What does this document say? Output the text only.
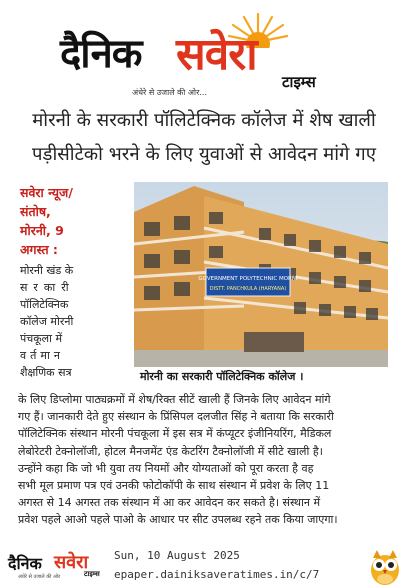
दैनिक सवेरा
टाइम्स
अंधेरे से उजाले की ओर...
मोरनी के सरकारी पॉलिटेक्निक कॉलेज में शेष खाली
पड़ीसीटेको भरने के लिए युवाओं से आवेदन मांगे गए
सवेरा न्यूज/
संतोष,
मोरनी, 9
अगस्त :
मोरनी खंड के
सरकारी
पॉलिटेक्निक
कॉलेज मोरनी
पंचकूला में
वर्तमान
शैक्षणिक सत्र
GOVERNMENT POLYTECHNIC MORNI
DISTT. PANCHKULA (HARYANA)
मोरनी का सरकारी पॉलिटेक्निक कॉलेज ।
के लिए डिप्लोमा पाठ्यक्रमों में शेष/रिक्त सीटें खाली हैं जिनके लिए आवेदन मांगे
गए हैं। जानकारी देते हुए संस्थान के प्रिंसिपल दलजीत सिंह ने बताया कि सरकारी
पॉलिटेक्निक संस्थान मोरनी पंचकूला में इस सत्र में कंप्यूटर इंजीनियरिंग, मैडिकल
लेबोरेटरी टेक्नोलॉजी, होटल मैनजमेंट एंड केटरिंग टैक्नोलॉजी में सीटे खाली है।
उन्होंने कहा कि जो भी युवा तय नियमों और योग्यताओं को पूरा करता है वह
सभी मूल प्रमाण पत्र एवं उनकी फोटोकॉपी के साथ संस्थान में प्रवेश के लिए 11
अगस्त से 14 अगस्त तक संस्थान में आ कर आवेदन कर सकते है। संस्थान में
प्रवेश पहले आओ पहले पाओ के आधार पर सीट उपलब्ध रहने तक किया जाएगा।
दैनिक सवेरा
टाइम्स
अंधेरे से उजाले की ओर
Sun, 10 August 2025
epaper.dainiksaveratimes.in/c/7
